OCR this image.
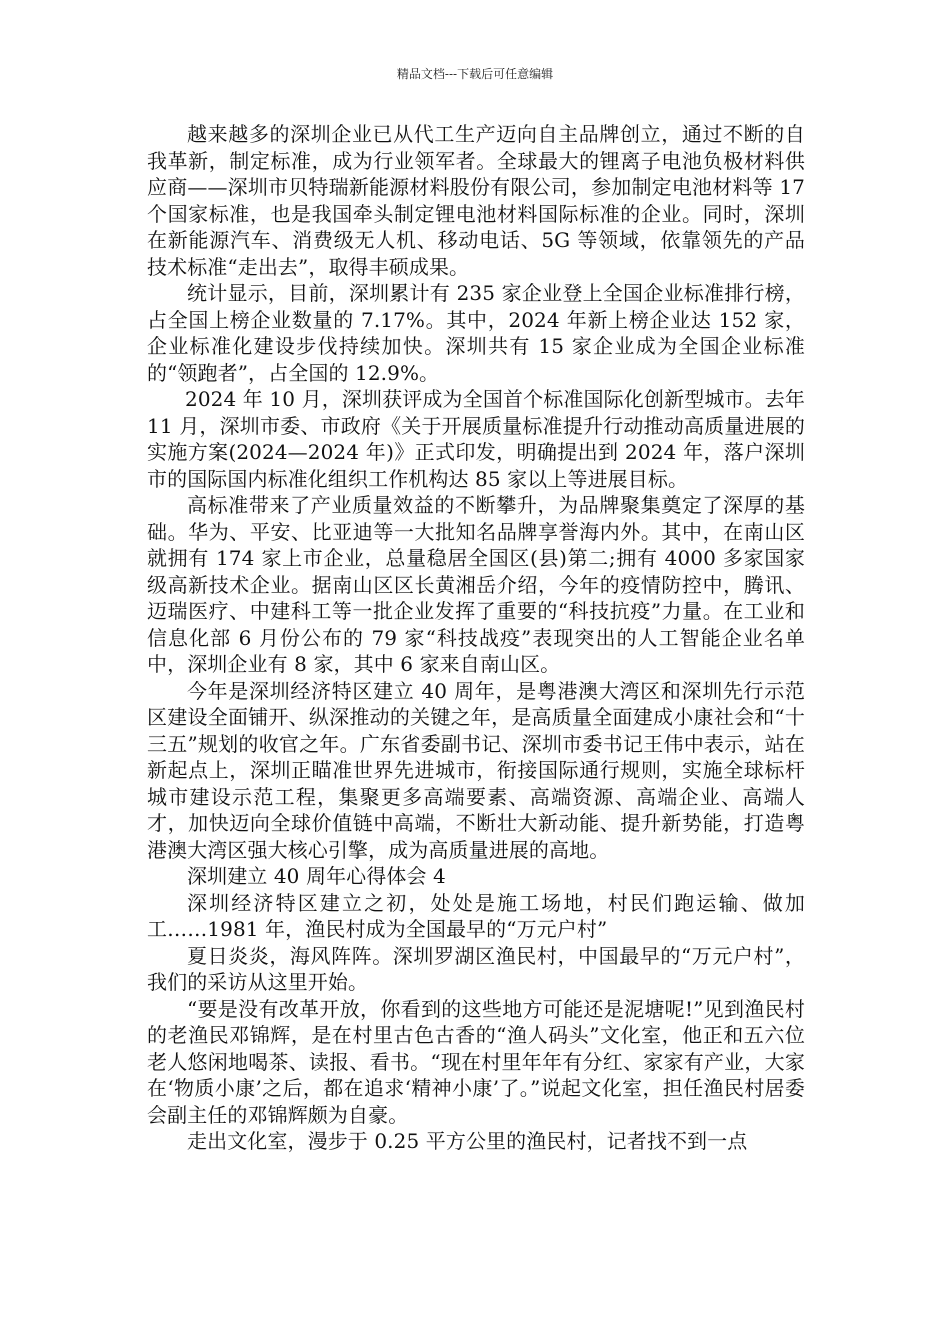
精品文档---下载后可任意编辑

越来越多的深圳企业已从代工生产迈向自主品牌创立，通过不断的自我革新，制定标准，成为行业领军者。全球最大的锂离子电池负极材料供应商——深圳市贝特瑞新能源材料股份有限公司，参加制定电池材料等 17 个国家标准，也是我国牵头制定锂电池材料国际标准的企业。同时，深圳在新能源汽车、消费级无人机、移动电话、5G 等领域，依靠领先的产品技术标准“走出去”，取得丰硕成果。

统计显示，目前，深圳累计有 235 家企业登上全国企业标准排行榜，占全国上榜企业数量的 7.17%。其中，2024 年新上榜企业达 152 家，企业标准化建设步伐持续加快。深圳共有 15 家企业成为全国企业标准的“领跑者”，占全国的 12.9%。

2024 年 10 月，深圳获评成为全国首个标准国际化创新型城市。去年 11 月，深圳市委、市政府《关于开展质量标准提升行动推动高质量进展的实施方案(2024—2024 年)》正式印发，明确提出到 2024 年，落户深圳市的国际国内标准化组织工作机构达 85 家以上等进展目标。

高标准带来了产业质量效益的不断攀升，为品牌聚集奠定了深厚的基础。华为、平安、比亚迪等一大批知名品牌享誉海内外。其中，在南山区就拥有 174 家上市企业，总量稳居全国区(县)第二;拥有 4000 多家国家级高新技术企业。据南山区区长黄湘岳介绍，今年的疫情防控中，腾讯、迈瑞医疗、中建科工等一批企业发挥了重要的“科技抗疫”力量。在工业和信息化部 6 月份公布的 79 家“科技战疫”表现突出的人工智能企业名单中，深圳企业有 8 家，其中 6 家来自南山区。

今年是深圳经济特区建立 40 周年，是粤港澳大湾区和深圳先行示范区建设全面铺开、纵深推动的关键之年，是高质量全面建成小康社会和“十三五”规划的收官之年。广东省委副书记、深圳市委书记王伟中表示，站在新起点上，深圳正瞄准世界先进城市，衔接国际通行规则，实施全球标杆城市建设示范工程，集聚更多高端要素、高端资源、高端企业、高端人才，加快迈向全球价值链中高端，不断壮大新动能、提升新势能，打造粤港澳大湾区强大核心引擎，成为高质量进展的高地。

深圳建立 40 周年心得体会 4

深圳经济特区建立之初，处处是施工场地，村民们跑运输、做加工……1981 年，渔民村成为全国最早的“万元户村”

夏日炎炎，海风阵阵。深圳罗湖区渔民村，中国最早的“万元户村”，我们的采访从这里开始。

“要是没有改革开放，你看到的这些地方可能还是泥塘呢!”见到渔民村的老渔民邓锦辉，是在村里古色古香的“渔人码头”文化室，他正和五六位老人悠闲地喝茶、读报、看书。“现在村里年年有分红、家家有产业，大家在‘物质小康’之后，都在追求‘精神小康’了。”说起文化室，担任渔民村居委会副主任的邓锦辉颇为自豪。

走出文化室，漫步于 0.25 平方公里的渔民村，记者找不到一点
